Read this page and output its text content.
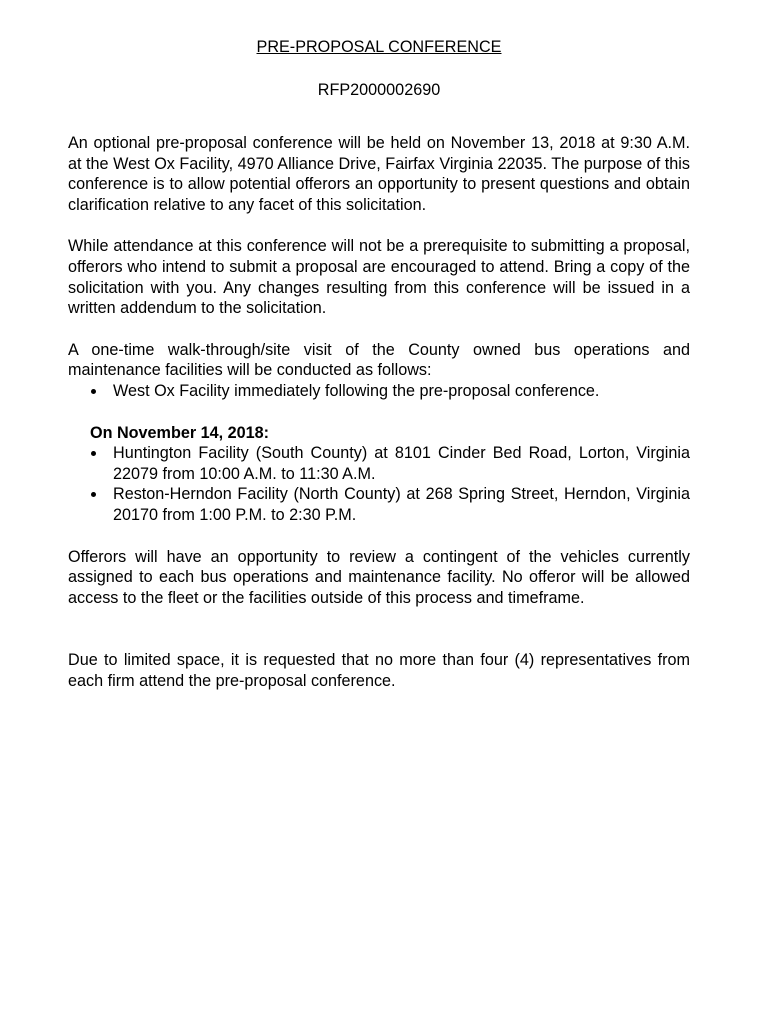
PRE-PROPOSAL CONFERENCE

RFP2000002690

An optional pre-proposal conference will be held on November 13, 2018 at 9:30 A.M. at the West Ox Facility, 4970 Alliance Drive, Fairfax Virginia 22035. The purpose of this conference is to allow potential offerors an opportunity to present questions and obtain clarification relative to any facet of this solicitation.

While attendance at this conference will not be a prerequisite to submitting a proposal, offerors who intend to submit a proposal are encouraged to attend. Bring a copy of the solicitation with you. Any changes resulting from this conference will be issued in a written addendum to the solicitation.

A one-time walk-through/site visit of the County owned bus operations and maintenance facilities will be conducted as follows:

West Ox Facility immediately following the pre-proposal conference.

On November 14, 2018:

Huntington Facility (South County) at 8101 Cinder Bed Road, Lorton, Virginia 22079 from 10:00 A.M. to 11:30 A.M.
Reston-Herndon Facility (North County) at 268 Spring Street, Herndon, Virginia 20170 from 1:00 P.M. to 2:30 P.M.

Offerors will have an opportunity to review a contingent of the vehicles currently assigned to each bus operations and maintenance facility. No offeror will be allowed access to the fleet or the facilities outside of this process and timeframe.

Due to limited space, it is requested that no more than four (4) representatives from each firm attend the pre-proposal conference.
